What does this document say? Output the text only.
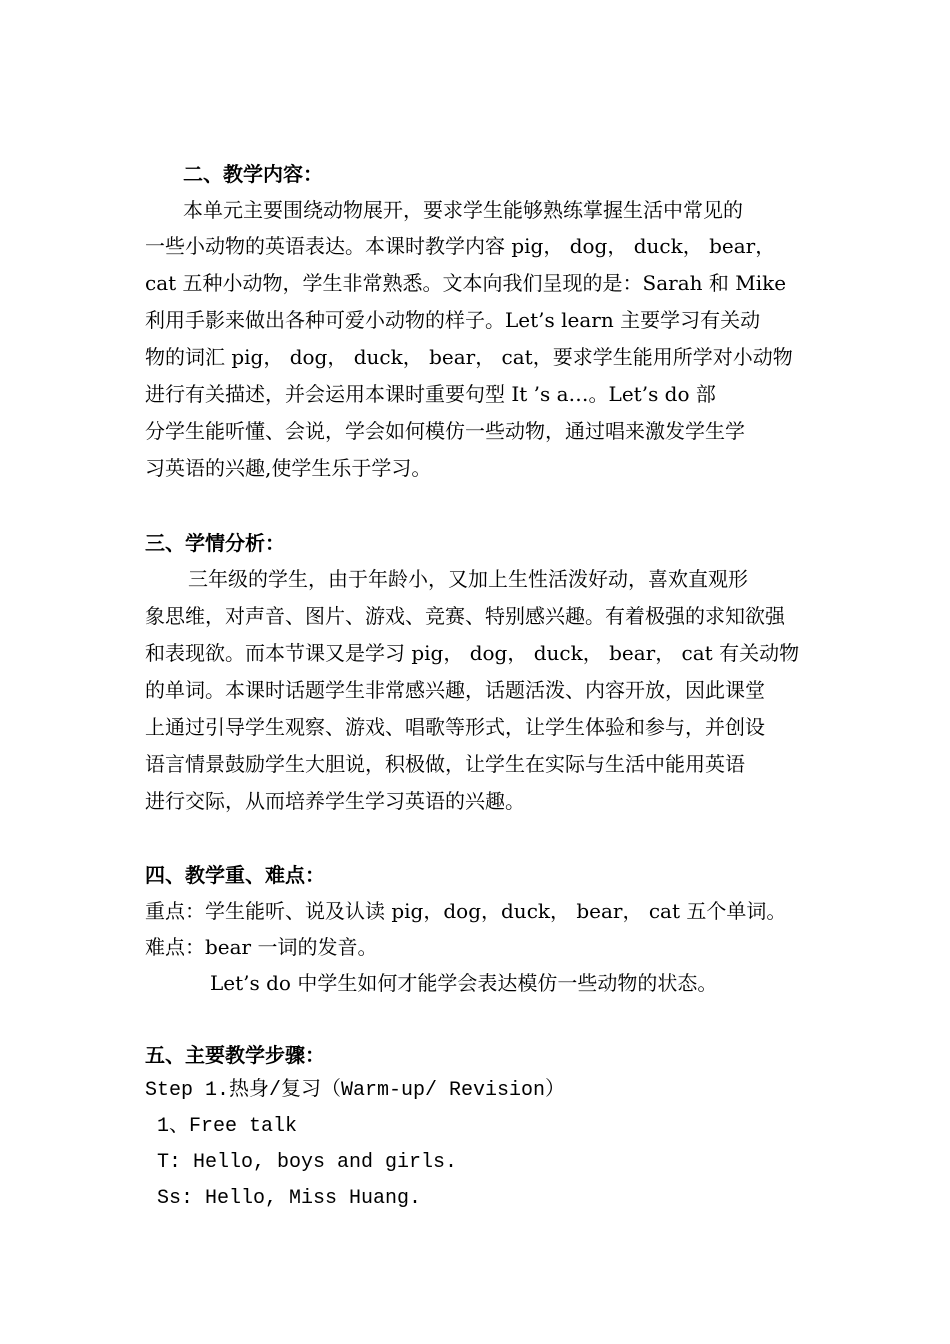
二、教学内容：
本单元主要围绕动物展开，要求学生能够熟练掌握生活中常见的
一些小动物的英语表达。本课时教学内容 pig， dog， duck， bear，
cat 五种小动物，学生非常熟悉。文本向我们呈现的是：Sarah 和 Mike
利用手影来做出各种可爱小动物的样子。Let’s learn 主要学习有关动
物的词汇 pig， dog， duck， bear， cat，要求学生能用所学对小动物
进行有关描述，并会运用本课时重要句型 It ’s a…。Let’s do 部
分学生能听懂、会说，学会如何模仿一些动物，通过唱来激发学生学
习英语的兴趣,使学生乐于学习。
三、学情分析：
三年级的学生，由于年龄小，又加上生性活泼好动，喜欢直观形
象思维，对声音、图片、游戏、竞赛、特别感兴趣。有着极强的求知欲强
和表现欲。而本节课又是学习 pig， dog， duck， bear， cat 有关动物
的单词。本课时话题学生非常感兴趣，话题活泼、内容开放，因此课堂
上通过引导学生观察、游戏、唱歌等形式，让学生体验和参与，并创设
语言情景鼓励学生大胆说，积极做，让学生在实际与生活中能用英语
进行交际，从而培养学生学习英语的兴趣。
四、教学重、难点：
重点：学生能听、说及认读 pig，dog，duck， bear， cat 五个单词。
难点：bear 一词的发音。
Let’s do 中学生如何才能学会表达模仿一些动物的状态。
五、主要教学步骤：
Step 1.热身/复习（Warm-up/ Revision）
1、Free talk
T: Hello, boys and girls.
Ss: Hello, Miss Huang.
